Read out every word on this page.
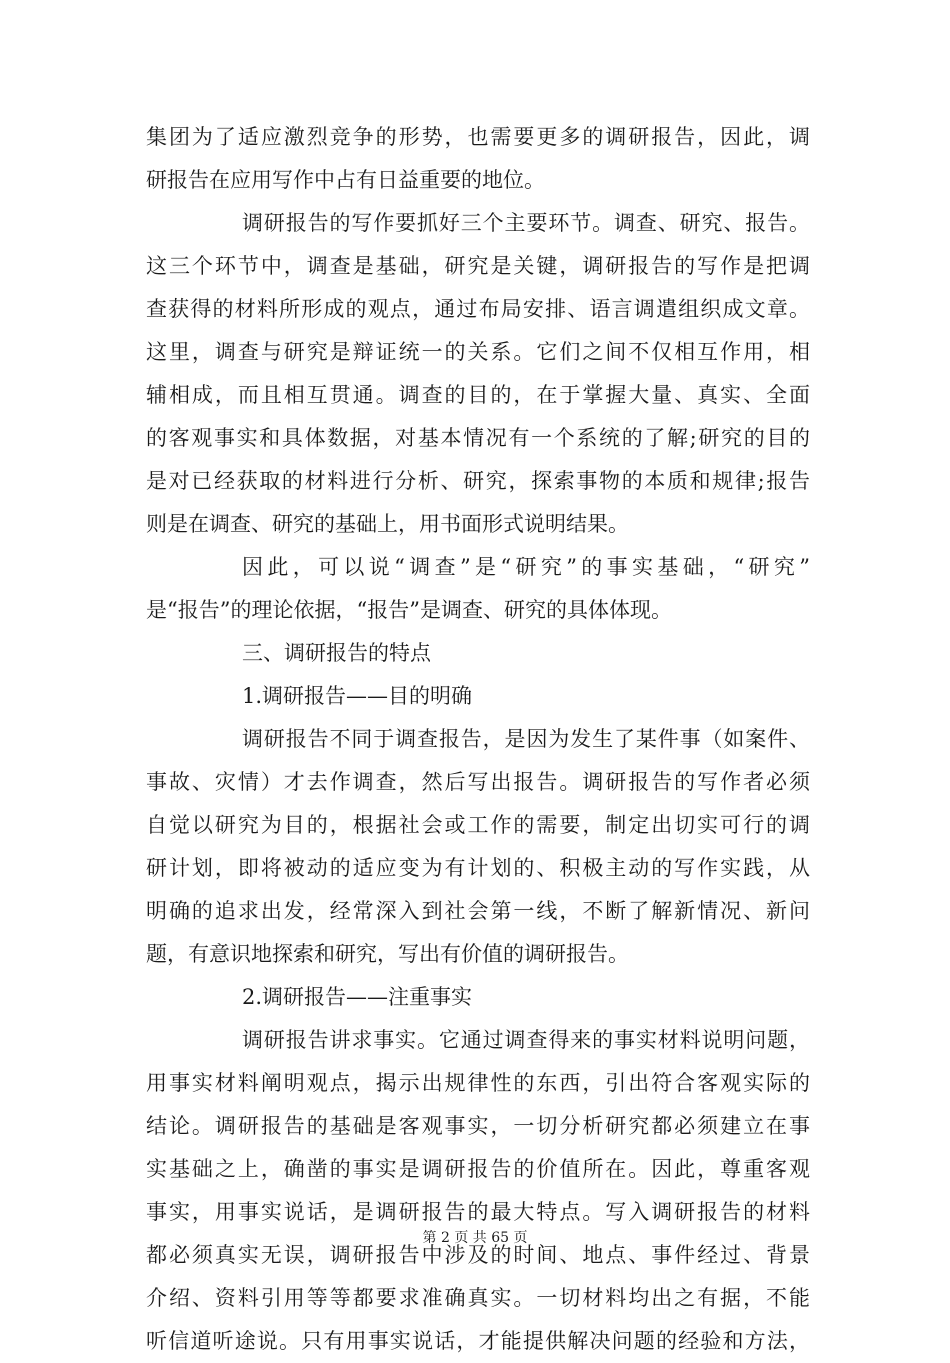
集团为了适应激烈竞争的形势，也需要更多的调研报告，因此，调
研报告在应用写作中占有日益重要的地位。
调研报告的写作要抓好三个主要环节。调查、研究、报告。
这三个环节中，调查是基础，研究是关键，调研报告的写作是把调
查获得的材料所形成的观点，通过布局安排、语言调遣组织成文章。
这里，调查与研究是辩证统一的关系。它们之间不仅相互作用，相
辅相成，而且相互贯通。调查的目的，在于掌握大量、真实、全面
的客观事实和具体数据，对基本情况有一个系统的了解;研究的目的
是对已经获取的材料进行分析、研究，探索事物的本质和规律;报告
则是在调查、研究的基础上，用书面形式说明结果。
因此，可以说“调查”是“研究”的事实基础，“研究”
是“报告”的理论依据，“报告”是调查、研究的具体体现。
三、调研报告的特点
1.调研报告——目的明确
调研报告不同于调查报告，是因为发生了某件事（如案件、
事故、灾情）才去作调查，然后写出报告。调研报告的写作者必须
自觉以研究为目的，根据社会或工作的需要，制定出切实可行的调
研计划，即将被动的适应变为有计划的、积极主动的写作实践，从
明确的追求出发，经常深入到社会第一线，不断了解新情况、新问
题，有意识地探索和研究，写出有价值的调研报告。
2.调研报告——注重事实
调研报告讲求事实。它通过调查得来的事实材料说明问题，
用事实材料阐明观点，揭示出规律性的东西，引出符合客观实际的
结论。调研报告的基础是客观事实，一切分析研究都必须建立在事
实基础之上，确凿的事实是调研报告的价值所在。因此，尊重客观
事实，用事实说话，是调研报告的最大特点。写入调研报告的材料
都必须真实无误，调研报告中涉及的时间、地点、事件经过、背景
介绍、资料引用等等都要求准确真实。一切材料均出之有据，不能
听信道听途说。只有用事实说话，才能提供解决问题的经验和方法，
第 2 页 共 65 页
